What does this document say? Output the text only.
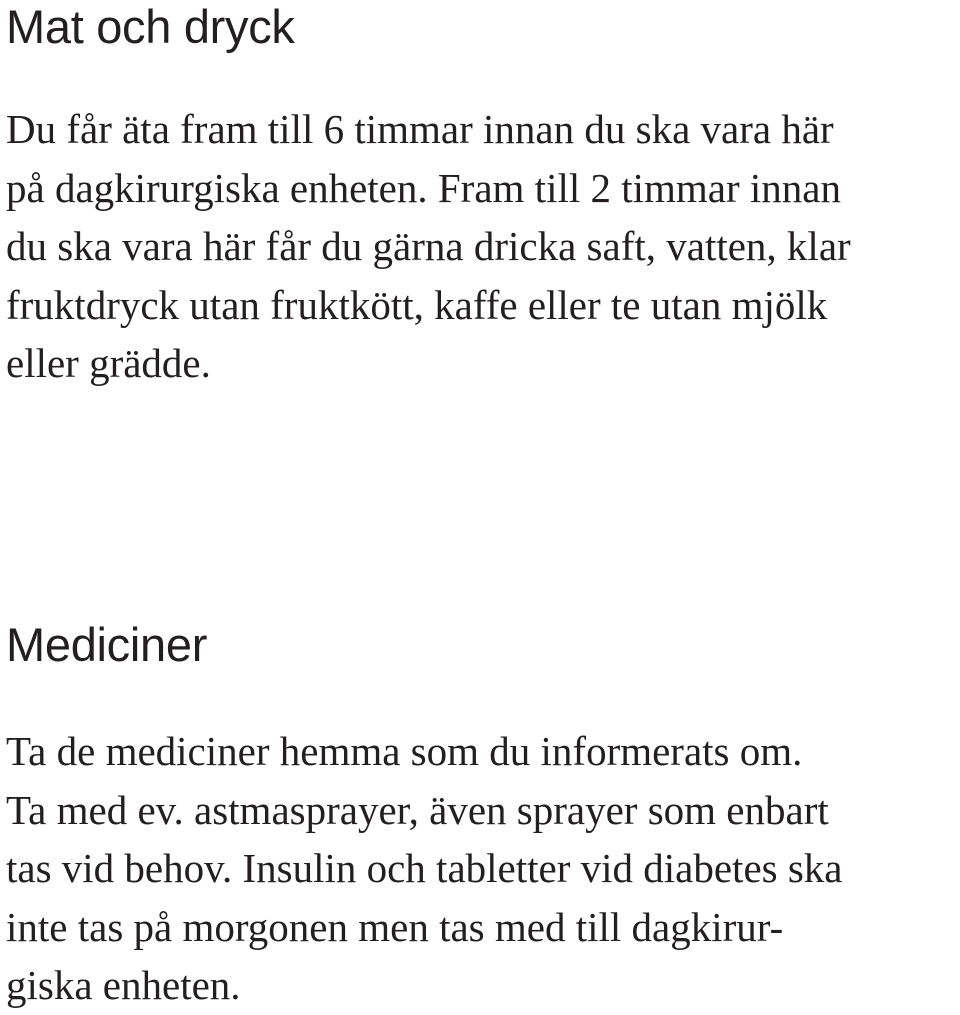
Mat och dryck

Du får äta fram till 6 timmar innan du ska vara här
på dagkirurgiska enheten. Fram till 2 timmar innan
du ska vara här får du gärna dricka saft, vatten, klar
fruktdryck utan fruktkött, kaffe eller te utan mjölk
eller grädde.

Mediciner

Ta de mediciner hemma som du informerats om.
Ta med ev. astmasprayer, även sprayer som enbart
tas vid behov. Insulin och tabletter vid diabetes ska
inte tas på morgonen men tas med till dagkirur-
giska enheten.
